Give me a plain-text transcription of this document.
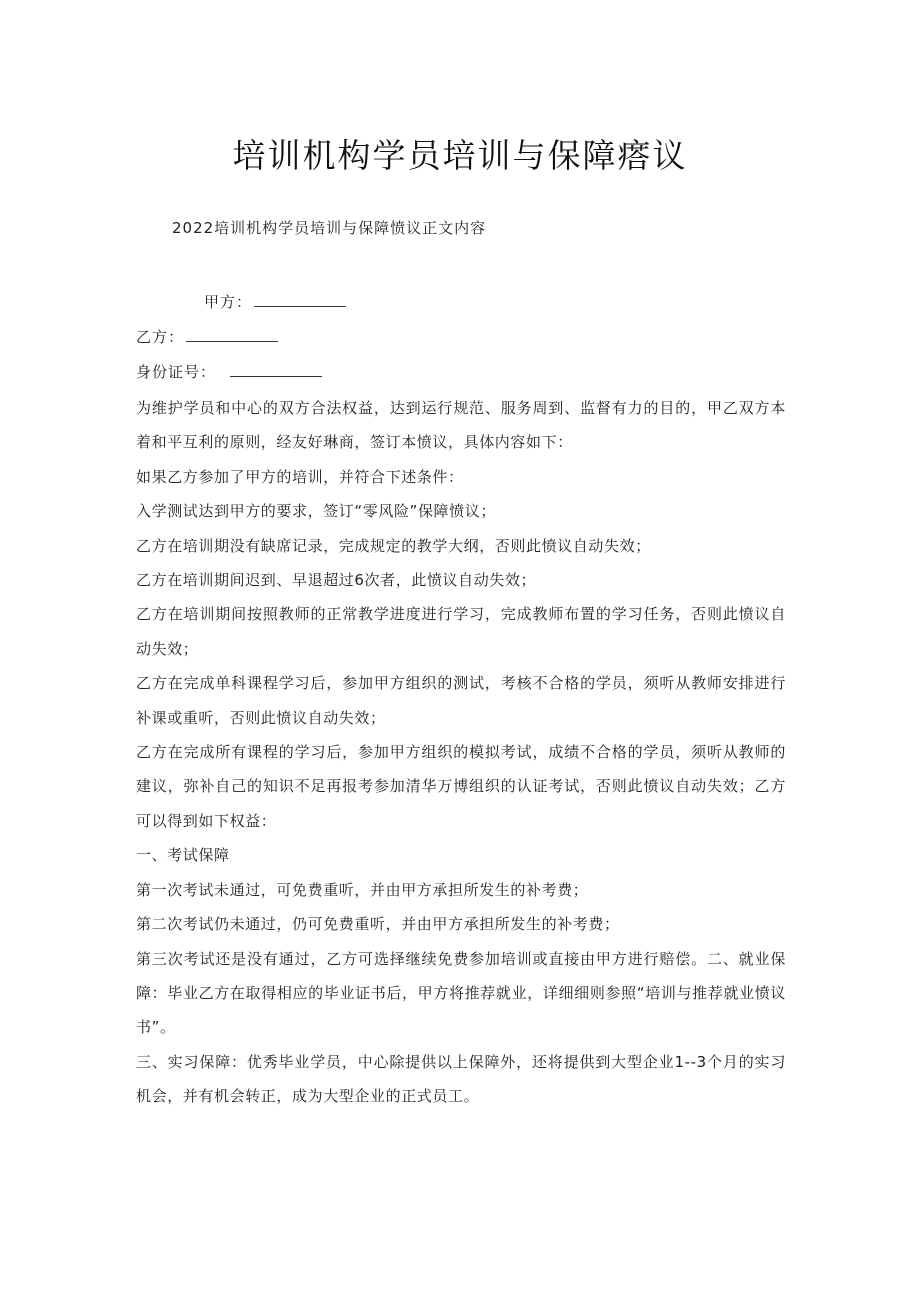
培训机构学员培训与保障瘩议
2022培训机构学员培训与保障愤议正文内容
甲方：
乙方：
身份证号：

为维护学员和中心的双方合法权益，达到运行规范、服务周到、监督有力的目的，甲乙双方本着和平互利的原则，经友好琳商，签订本愤议，具体内容如下：

如果乙方参加了甲方的培训，并符合下述条件：

入学测试达到甲方的要求，签订“零风险”保障愤议；

乙方在培训期没有缺席记录，完成规定的教学大纲，否则此愤议自动失效；

乙方在培训期间迟到、早退超过6次者，此愤议自动失效；

乙方在培训期间按照教师的正常教学进度进行学习，完成教师布置的学习任务，否则此愤议自动失效；

乙方在完成单科课程学习后，参加甲方组织的测试，考核不合格的学员，须听从教师安排进行补课或重听，否则此愤议自动失效；

乙方在完成所有课程的学习后，参加甲方组织的模拟考试，成绩不合格的学员，须听从教师的建议，弥补自己的知识不足再报考参加清华万博组织的认证考试，否则此愤议自动失效；乙方可以得到如下权益：

一、考试保障

第一次考试未通过，可免费重听，并由甲方承担所发生的补考费；

第二次考试仍未通过，仍可免费重听，并由甲方承担所发生的补考费；

第三次考试还是没有通过，乙方可选择继续免费参加培训或直接由甲方进行赔偿。二、就业保障：毕业乙方在取得相应的毕业证书后，甲方将推荐就业，详细细则参照“培训与推荐就业愤议书”。

三、实习保障：优秀毕业学员，中心除提供以上保障外，还将提供到大型企业1--3个月的实习机会，并有机会转正，成为大型企业的正式员工。
